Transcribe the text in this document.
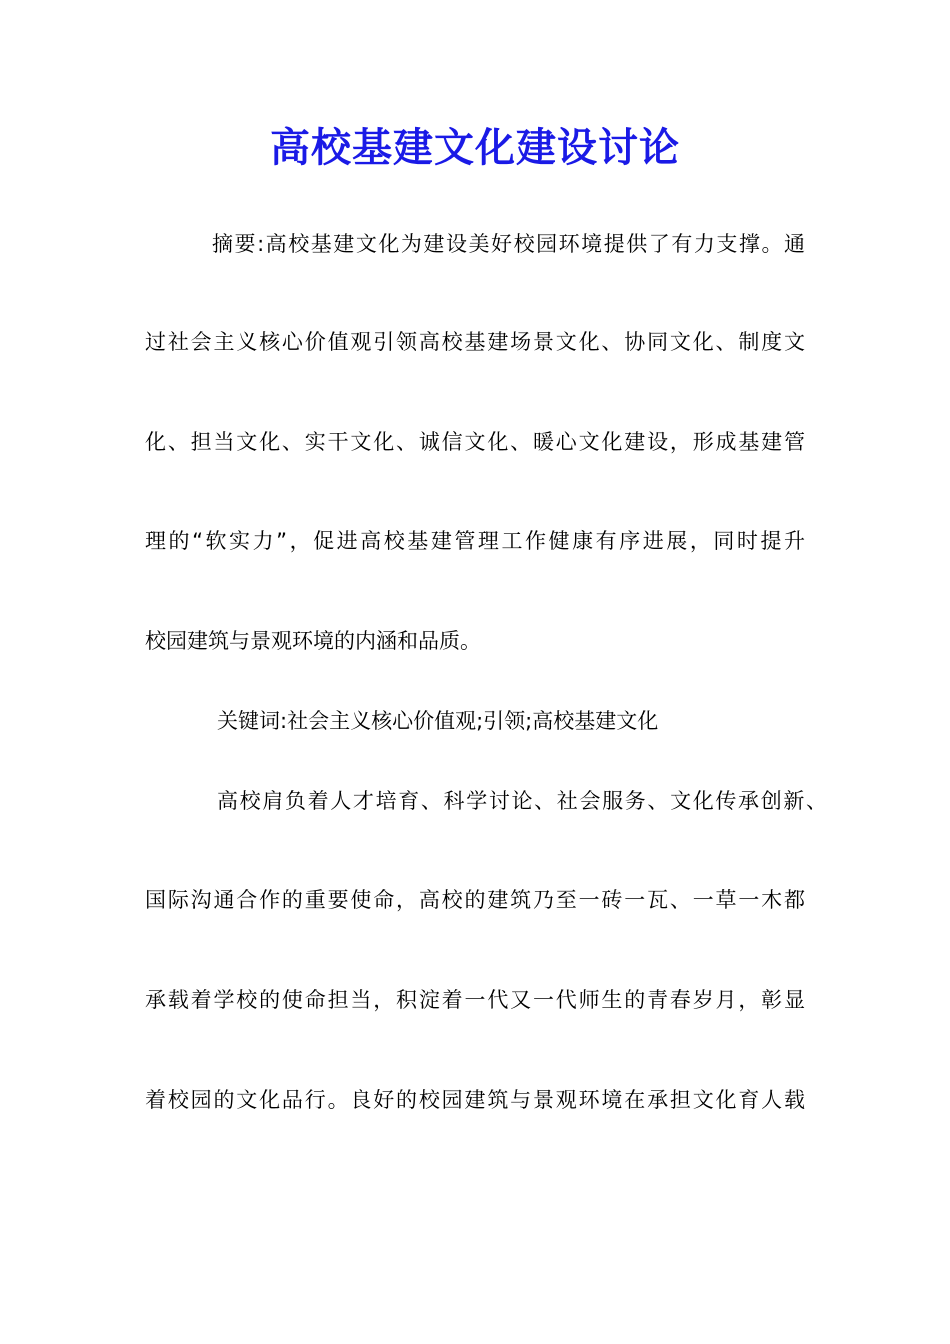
高校基建文化建设讨论
摘要:高校基建文化为建设美好校园环境提供了有力支撑。通
过社会主义核心价值观引领高校基建场景文化、协同文化、制度文
化、担当文化、实干文化、诚信文化、暖心文化建设，形成基建管
理的“软实力”，促进高校基建管理工作健康有序进展，同时提升
校园建筑与景观环境的内涵和品质。
关键词:社会主义核心价值观;引领;高校基建文化
高校肩负着人才培育、科学讨论、社会服务、文化传承创新、
国际沟通合作的重要使命，高校的建筑乃至一砖一瓦、一草一木都
承载着学校的使命担当，积淀着一代又一代师生的青春岁月，彰显
着校园的文化品行。良好的校园建筑与景观环境在承担文化育人载
